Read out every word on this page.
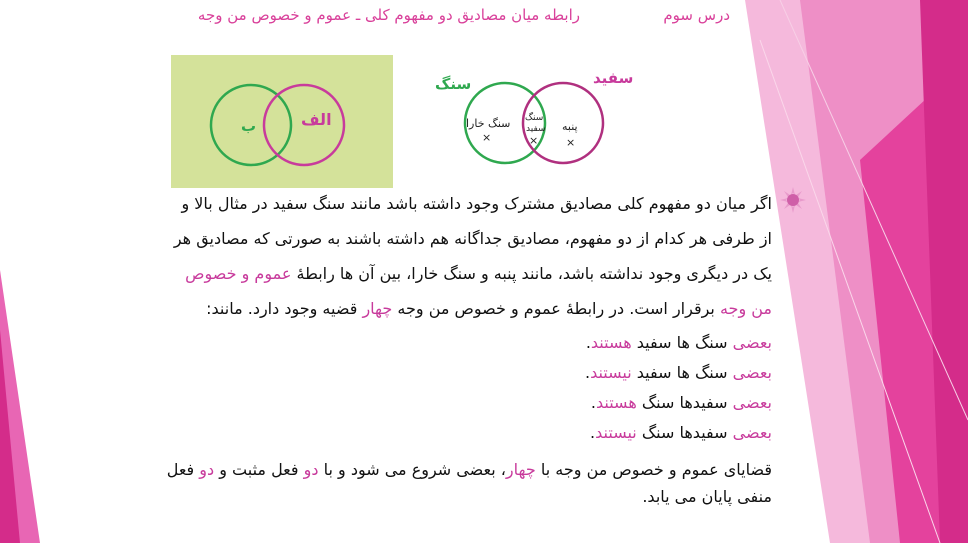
درس سوم
رابطه میان مصادیق دو مفهوم کلی ـ عموم و خصوص من وجه
ب	الف
سنگ	سفید
سنگ خارا
×
سنگ
سفید
×
پنبه
×
اگر میان دو مفهوم کلی مصادیق مشترک وجود داشته باشد مانند سنگ سفید در مثال بالا و
از طرفی هر کدام از دو مفهوم، مصادیق جداگانه هم داشته باشند به صورتی که مصادیق هر
یک در دیگری وجود نداشته باشد، مانند پنبه و سنگ خارا، بین آن ها رابطۀ عموم و خصوص
من وجه برقرار است. در رابطۀ عموم و خصوص من وجه چهار قضیه وجود دارد. مانند:
بعضی سنگ ها سفید هستند.
بعضی سنگ ها سفید نیستند.
بعضی سفیدها سنگ هستند.
بعضی سفیدها سنگ نیستند.
قضایای عموم و خصوص من وجه با چهار، بعضی شروع می شود و با دو فعل مثبت و دو فعل
منفی پایان می یابد.
